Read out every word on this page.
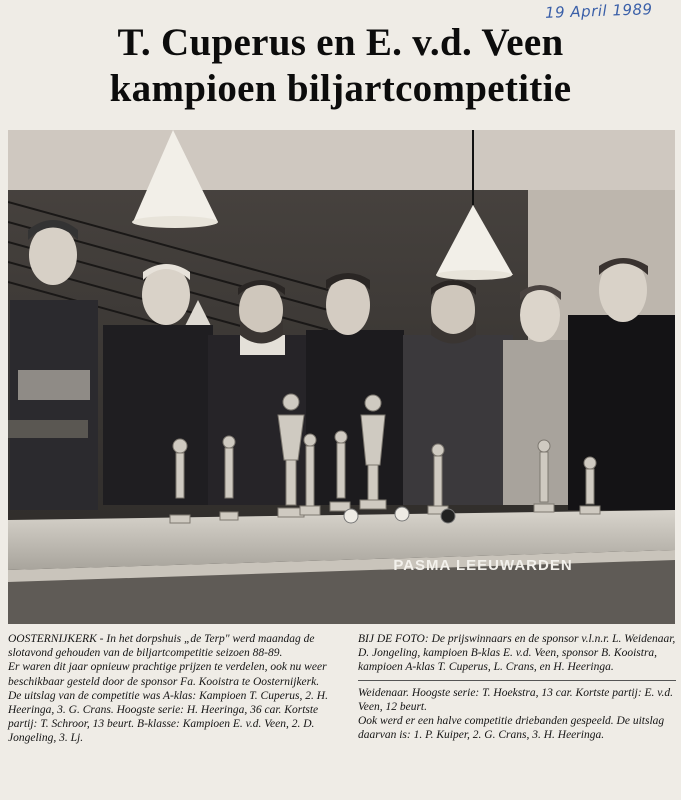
19 April 1989
T. Cuperus en E. v.d. Veen
kampioen biljartcompetitie
PASMA LEEUWARDEN

OOSTERNIJKERK - In het dorpshuis „de Terp" werd maandag de slotavond gehouden van de biljartcompetitie seizoen 88-89.

Er waren dit jaar opnieuw prachtige prijzen te verdelen, ook nu weer beschikbaar gesteld door de sponsor Fa. Kooistra te Oosternijkerk.

De uitslag van de competitie was A-klas: Kampioen T. Cuperus, 2. H. Heeringa, 3. G. Crans. Hoogste serie: H. Heeringa, 36 car. Kortste partij: T. Schroor, 13 beurt. B-klasse: Kampioen E. v.d. Veen, 2. D. Jongeling, 3. Lj.

BIJ DE FOTO: De prijswinnaars en de sponsor v.l.n.r. L. Weidenaar, D. Jongeling, kampioen B-klas E. v.d. Veen, sponsor B. Kooistra, kampioen A-klas T. Cuperus, L. Crans, en H. Heeringa.

Weidenaar. Hoogste serie: T. Hoekstra, 13 car. Kortste partij: E. v.d. Veen, 12 beurt.

Ook werd er een halve competitie driebanden gespeeld. De uitslag daarvan is: 1. P. Kuiper, 2. G. Crans, 3. H. Heeringa.
